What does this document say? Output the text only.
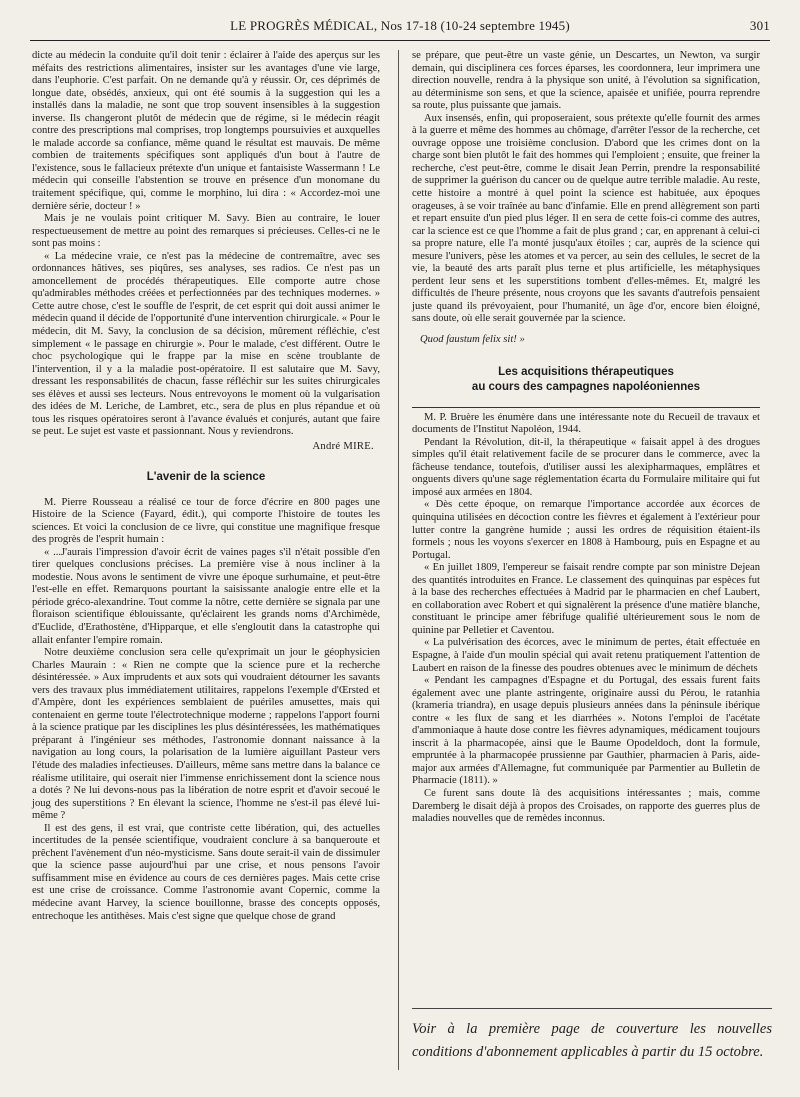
LE PROGRÈS MÉDICAL, Nos 17-18 (10-24 septembre 1945)	301

dicte au médecin la conduite qu'il doit tenir : éclairer à l'aide des aperçus sur les méfaits des restrictions alimentaires, insister sur les avantages d'une vie large, dans l'euphorie. C'est parfait. On ne demande qu'à y réussir. Or, ces déprimés de longue date, obsédés, anxieux, qui ont été soumis à la suggestion qui les a installés dans la maladie, ne sont que trop souvent insensibles à la suggestion inverse. Ils changeront plutôt de médecin que de régime, si le médecin réagit contre des prescriptions mal comprises, trop longtemps poursuivies et auxquelles le malade accorde sa confiance, même quand le résultat est mauvais. De même combien de traitements spécifiques sont appliqués d'un bout à l'autre de l'existence, sous le fallacieux prétexte d'un unique et fantaisiste Wassermann ! Le médecin qui conseille l'abstention se trouve en présence d'un monomane du traitement spécifique, qui, comme le morphino, lui dira : « Accordez-moi une dernière série, docteur ! »

Mais je ne voulais point critiquer M. Savy. Bien au contraire, le louer respectueusement de mettre au point des remarques si précieuses. Celles-ci ne le sont pas moins :

« La médecine vraie, ce n'est pas la médecine de contremaître, avec ses ordonnances hâtives, ses piqûres, ses analyses, ses radios. Ce n'est pas un amoncellement de procédés thérapeutiques. Elle comporte autre chose qu'admirables méthodes créées et perfectionnées par des techniques modernes. » Cette autre chose, c'est le souffle de l'esprit, de cet esprit qui doit aussi animer le médecin quand il décide de l'opportunité d'une intervention chirurgicale. « Pour le médecin, dit M. Savy, la conclusion de sa décision, mûrement réfléchie, c'est simplement « le passage en chirurgie ». Pour le malade, c'est différent. Outre le choc psychologique qui le frappe par la mise en scène troublante de l'intervention, il y a la maladie post-opératoire. Il est salutaire que M. Savy, dressant les responsabilités de chacun, fasse réfléchir sur les suites chirurgicales ses élèves et aussi ses lecteurs. Nous entrevoyons le moment où la vulgarisation des idées de M. Leriche, de Lambret, etc., sera de plus en plus répandue et où tous les risques opératoires seront à l'avance évalués et conjurés, autant que faire se peut. Le sujet est vaste et passionnant. Nous y reviendrons.

André MIRE.
L'avenir de la science

M. Pierre Rousseau a réalisé ce tour de force d'écrire en 800 pages une Histoire de la Science (Fayard, édit.), qui comporte l'histoire de toutes les sciences. Et voici la conclusion de ce livre, qui constitue une magnifique fresque des progrès de l'esprit humain :

« ...J'aurais l'impression d'avoir écrit de vaines pages s'il n'était possible d'en tirer quelques conclusions précises. La première vise à nous incliner à la modestie. Nous avons le sentiment de vivre une époque surhumaine, et peut-être l'est-elle en effet. Remarquons pourtant la saisissante analogie entre elle et la période gréco-alexandrine. Tout comme la nôtre, cette dernière se signala par une floraison scientifique éblouissante, qu'éclairent les grands noms d'Archimède, d'Euclide, d'Erathostène, d'Hipparque, et elle s'engloutit dans la catastrophe qui allait enfanter l'empire romain.

Notre deuxième conclusion sera celle qu'exprimait un jour le géophysicien Charles Maurain : « Rien ne compte que la science pure et la recherche désintéressée. » Aux imprudents et aux sots qui voudraient détourner les savants vers des travaux plus immédiatement utilitaires, rappelons l'exemple d'Œrsted et d'Ampère, dont les expériences semblaient de puériles amusettes, mais qui contenaient en germe toute l'électrotechnique moderne ; rappelons l'apport fourni à la science pratique par les disciplines les plus désintéressées, les mathématiques préparant à l'ingénieur ses méthodes, l'astronomie donnant naissance à la navigation au long cours, la polarisation de la lumière aiguillant Pasteur vers l'étude des maladies infectieuses. D'ailleurs, même sans mettre dans la balance ce réalisme utilitaire, qui oserait nier l'immense enrichissement dont la science nous a dotés ? Ne lui devons-nous pas la libération de notre esprit et d'avoir secoué le joug des superstitions ? En élevant la science, l'homme ne s'est-il pas élevé lui-même ?

Il est des gens, il est vrai, que contriste cette libération, qui, des actuelles incertitudes de la pensée scientifique, voudraient conclure à sa banqueroute et prêchent l'avènement d'un néo-mysticisme. Sans doute serait-il vain de dissimuler que la science passe aujourd'hui par une crise, et nous pensons l'avoir suffisamment mise en évidence au cours de ces dernières pages. Mais cette crise est une crise de croissance. Comme l'astronomie avant Copernic, comme la médecine avant Harvey, la science bouillonne, brasse des concepts opposés, entrechoque les antithèses. Mais c'est signe que quelque chose de grand

se prépare, que peut-être un vaste génie, un Descartes, un Newton, va surgir demain, qui disciplinera ces forces éparses, les coordonnera, leur imprimera une direction nouvelle, rendra à la physique son unité, à l'évolution sa signification, au déterminisme son sens, et que la science, apaisée et unifiée, pourra reprendre sa route, plus puissante que jamais.

Aux insensés, enfin, qui proposeraient, sous prétexte qu'elle fournit des armes à la guerre et même des hommes au chômage, d'arrêter l'essor de la recherche, cet ouvrage oppose une troisième conclusion. D'abord que les crimes dont on la charge sont bien plutôt le fait des hommes qui l'emploient ; ensuite, que freiner la recherche, c'est peut-être, comme le disait Jean Perrin, prendre la responsabilité de supprimer la guérison du cancer ou de quelque autre terrible maladie. Au reste, cette histoire a montré à quel point la science est habituée, aux époques orageuses, à se voir traînée au banc d'infamie. Elle en prend allègrement son parti et repart ensuite d'un pied plus léger. Il en sera de cette fois-ci comme des autres, car la science est ce que l'homme a fait de plus grand ; car, en apprenant à celui-ci sa propre nature, elle l'a monté jusqu'aux étoiles ; car, auprès de la science qui mesure l'univers, pèse les atomes et va percer, au sein des cellules, le secret de la vie, la beauté des arts paraît plus terne et plus artificielle, les métaphysiques perdent leur sens et les superstitions tombent d'elles-mêmes. Et, malgré les difficultés de l'heure présente, nous croyons que les savants d'autrefois pensaient juste quand ils prévoyaient, pour l'humanité, un âge d'or, encore bien éloigné, sans doute, où elle serait gouvernée par la science.

Quod faustum felix sit! »
Les acquisitions thérapeutiques
au cours des campagnes napoléoniennes

M. P. Bruère les énumère dans une intéressante note du Recueil de travaux et documents de l'Institut Napoléon, 1944.

Pendant la Révolution, dit-il, la thérapeutique « faisait appel à des drogues simples qu'il était relativement facile de se procurer dans le commerce, avec la fâcheuse tendance, toutefois, d'utiliser aussi les alexipharmaques, emplâtres et onguents divers qu'une sage réglementation écarta du Formulaire militaire qui fut imposé aux armées en 1804.

« Dès cette époque, on remarque l'importance accordée aux écorces de quinquina utilisées en décoction contre les fièvres et également à l'extérieur pour lutter contre la gangrène humide ; aussi les ordres de réquisition étaient-ils formels ; nous les voyons s'exercer en 1808 à Hambourg, puis en Espagne et au Portugal.

« En juillet 1809, l'empereur se faisait rendre compte par son ministre Dejean des quantités introduites en France. Le classement des quinquinas par espèces fut à la base des recherches effectuées à Madrid par le pharmacien en chef Laubert, en collaboration avec Robert et qui signalèrent la présence d'une matière blanche, constituant le principe amer fébrifuge qualifié ultérieurement sous le nom de quinine par Pelletier et Caventou.

« La pulvérisation des écorces, avec le minimum de pertes, était effectuée en Espagne, à l'aide d'un moulin spécial qui avait retenu pratiquement l'attention de Laubert en raison de la finesse des poudres obtenues avec le minimum de déchets

« Pendant les campagnes d'Espagne et du Portugal, des essais furent faits également avec une plante astringente, originaire aussi du Pérou, le ratanhia (krameria triandra), en usage depuis plusieurs années dans la péninsule ibérique contre « les flux de sang et les diarrhées ». Notons l'emploi de l'acétate d'ammoniaque à haute dose contre les fièvres adynamiques, médicament toujours inscrit à la pharmacopée, ainsi que le Baume Opodeldoch, dont la formule, empruntée à la pharmacopée prussienne par Gauthier, pharmacien à Paris, aide-major aux armées d'Allemagne, fut communiquée par Parmentier au Bulletin de Pharmacie (1811). »

Ce furent sans doute là des acquisitions intéressantes ; mais, comme Daremberg le disait déjà à propos des Croisades, on rapporte des guerres plus de maladies nouvelles que de remèdes inconnus.

Voir à la première page de couverture les nouvelles conditions d'abonnement applicables à partir du 15 octobre.
